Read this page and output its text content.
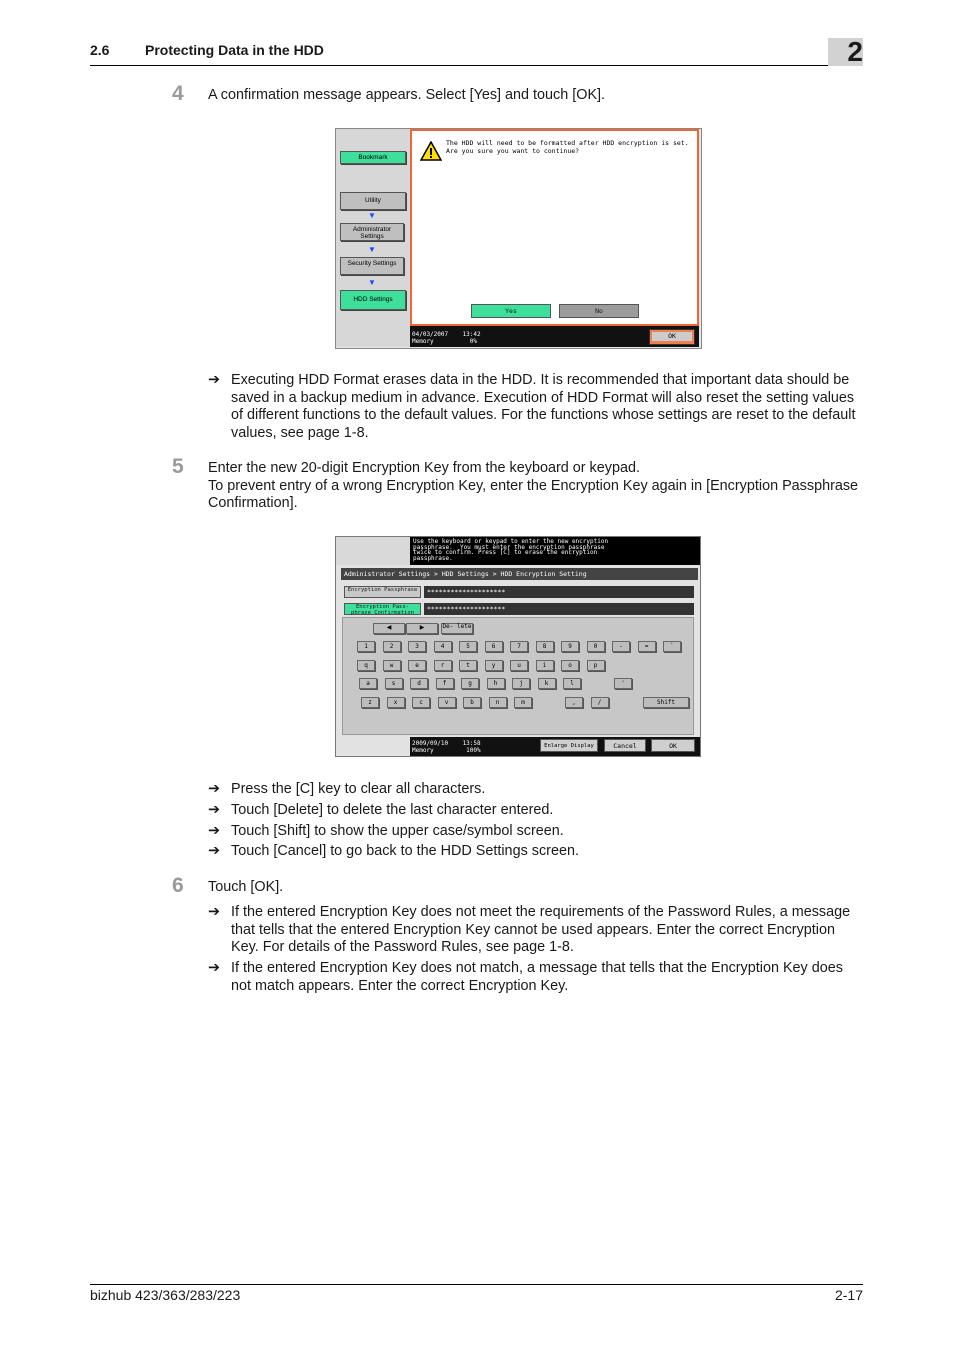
2.6	Protecting Data in the HDD	2
4 A confirmation message appears. Select [Yes] and touch [OK].
Bookmark
Utility
▼
Administrator Settings
▼
Security Settings
▼
HDD Settings
The HDD will need to be formatted after HDD encryption is set.
Are you sure you want to continue?
Yes	No
04/03/2007    13:42
Memory          0%
OK
➔ Executing HDD Format erases data in the HDD. It is recommended that important data should be saved in a backup medium in advance. Execution of HDD Format will also reset the setting values of different functions to the default values. For the functions whose settings are reset to the default values, see page 1-8.
5 Enter the new 20-digit Encryption Key from the keyboard or keypad.
To prevent entry of a wrong Encryption Key, enter the Encryption Key again in [Encryption Passphrase Confirmation].
Use the keyboard or keypad to enter the new encryption
passphrase.  You must enter the encryption passphrase
twice to confirm. Press [C] to erase the encryption
passphrase.
Administrator Settings > HDD Settings > HDD Encryption Setting
Encryption Passphrase	********************
Encryption Pass- phrase Confirmation	********************
◀	▶	De- lete
Shift
1	2	3	4	5	6	7	8	9	0	-	=	`
q	w	e	r	t	y	u	i	o	p
a	s	d	f	g	h	j	k	l	'
z	x	c	v	b	n	m	,	/
2009/09/10    13:58
Memory         100%
Enlarge Display	Cancel	OK
➔ Press the [C] key to clear all characters.
➔ Touch [Delete] to delete the last character entered.
➔ Touch [Shift] to show the upper case/symbol screen.
➔ Touch [Cancel] to go back to the HDD Settings screen.
6 Touch [OK].
➔ If the entered Encryption Key does not meet the requirements of the Password Rules, a message that tells that the entered Encryption Key cannot be used appears. Enter the correct Encryption Key. For details of the Password Rules, see page 1-8.
➔ If the entered Encryption Key does not match, a message that tells that the Encryption Key does not match appears. Enter the correct Encryption Key.
bizhub 423/363/283/223	2-17
